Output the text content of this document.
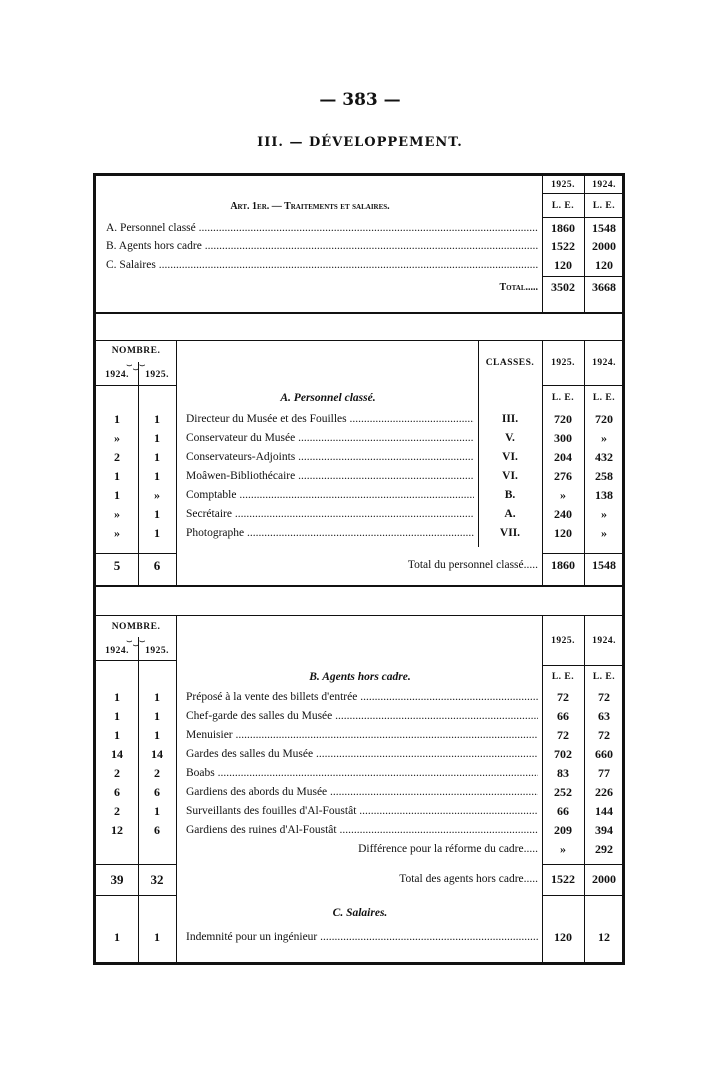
— 383 —
III. — DÉVELOPPEMENT.
1925.	1924.
L. E.	L. E.
Art. 1er. — Traitements et salaires.
A. Personnel classé .....	1860	1548
B. Agents hors cadre .....	1522	2000
C. Salaires .....	120	120
Total.....	3502	3668
NOMBRE.
⌣‿⌣
1924.	1925.
CLASSES.	1925.	1924.
L. E.	L. E.
A. Personnel classé.
1	1	Directeur du Musée et des Fouilles .....	III.	720	720
»	1	Conservateur du Musée .....	V.	300	»
2	1	Conservateurs-Adjoints .....	VI.	204	432
1	1	Moâwen-Bibliothécaire .....	VI.	276	258
1	»	Comptable .....	B.	»	138
»	1	Secrétaire .....	A.	240	»
»	1	Photographe .....	VII.	120	»
5	6	Total du personnel classé.....	1860	1548
NOMBRE.
⌣‿⌣
1924.	1925.
1925.	1924.
L. E.	L. E.
B. Agents hors cadre.
1	1	Préposé à la vente des billets d'entrée .....	72	72
1	1	Chef-garde des salles du Musée .....	66	63
1	1	Menuisier .....	72	72
14	14	Gardes des salles du Musée .....	702	660
2	2	Boabs .....	83	77
6	6	Gardiens des abords du Musée .....	252	226
2	1	Surveillants des fouilles d'Al-Foustât .....	66	144
12	6	Gardiens des ruines d'Al-Foustât .....	209	394
Différence pour la réforme du cadre.....	»	292
39	32	Total des agents hors cadre.....	1522	2000
C. Salaires.
1	1	Indemnité pour un ingénieur .....	120	12
